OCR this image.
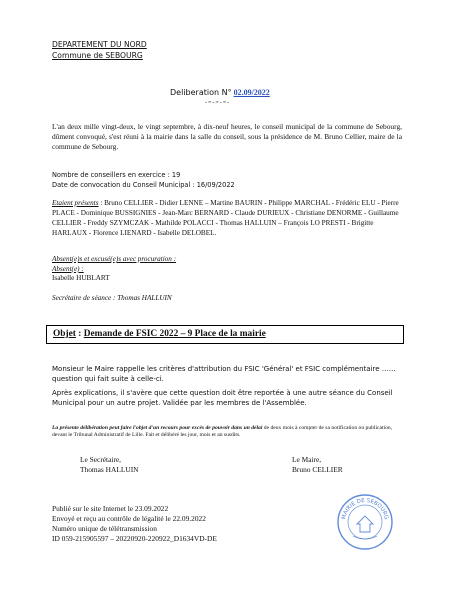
DEPARTEMENT DU NORD
Commune de SEBOURG
Deliberation N° 02.09/2022
-=-=-=-
L'an deux mille vingt-deux, le vingt septembre, à dix-neuf heures, le conseil municipal de la commune de Sebourg, dûment convoqué, s'est réuni à la mairie dans la salle du conseil, sous la présidence de M. Bruno Cellier, maire de la commune de Sebourg.
Nombre de conseillers en exercice : 19
Date de convocation du Conseil Municipal : 16/09/2022
Etaient présents : Bruno CELLIER - Didier LENNE – Martine BAURIN - Philippe MARCHAL - Frédéric ELU - Pierre PLACE - Dominique BUSSIGNIES - Jean-Marc BERNARD - Claude DURIEUX - Christiane DENORME - Guillaume CELLIER - Freddy SZYMCZAK - Mathilde POLACCI - Thomas HALLUIN – François LO PRESTI - Brigitte HARLAUX - Florence LIENARD - Isabelle DELOBEL.
Absent(e)s et excusé(e)s avec procuration :
Absent(e) :
Isabelle HUBLART
Secrétaire de séance : Thomas HALLUIN
Objet : Demande de FSIC 2022 – 9 Place de la mairie
Monsieur le Maire rappelle les critères d'attribution du FSIC 'Général' et FSIC complémentaire ……question qui fait suite à celle-ci.
Après explications, il s'avère que cette question doit être reportée à une autre séance du Conseil Municipal pour un autre projet. Validée par les membres de l'Assemblée.
La présente délibération peut faire l'objet d'un recours pour excès de pouvoir dans un délai de deux mois à compter de sa notification ou publication, devant le Tribunal Administratif de Lille. Fait et délibéré les jour, mois et an susdits.
Le Secrétaire,
Thomas HALLUIN
Le Maire,
Bruno CELLIER
Publié sur le site Internet le 23.09.2022
Envoyé et reçu au contrôle de légalité le 22.09.2022
Numéro unique de télétransmission
ID 059-215905597 – 20220920-220922_D1634VD-DE
MAIRIE DE SEBOURG
